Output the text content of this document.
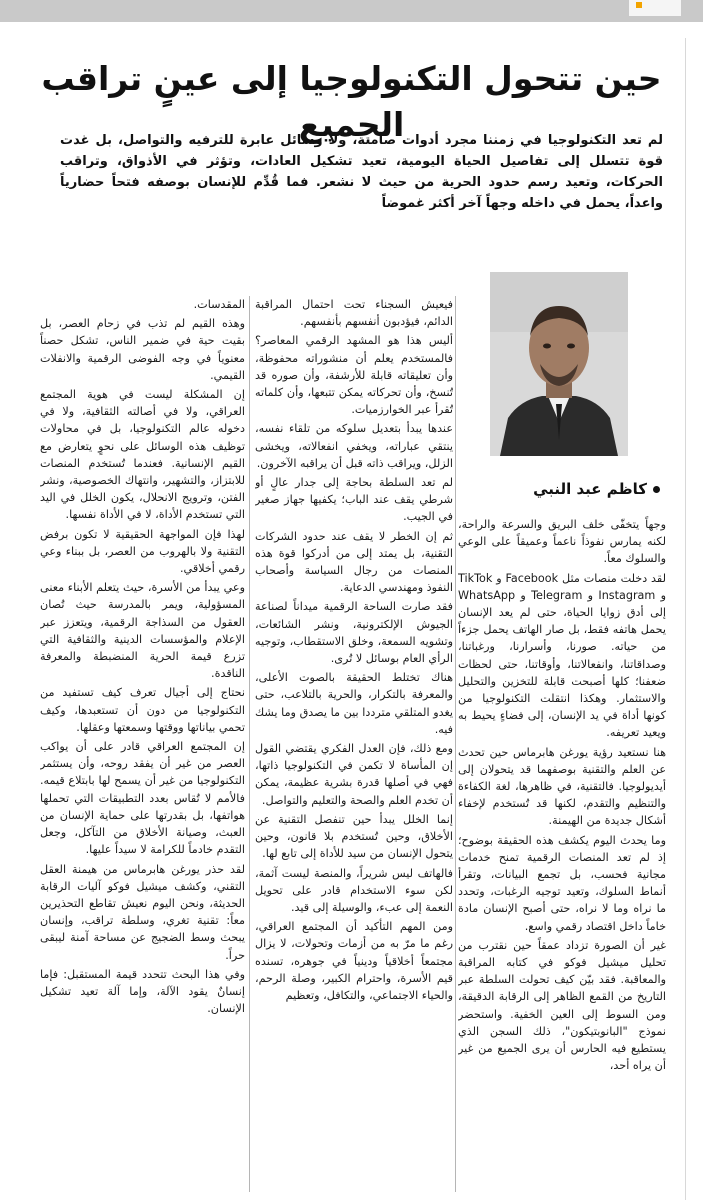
حين تتحول التكنولوجيا إلى عينٍ تراقب الجميع
لم تعد التكنولوجيا في زمننا مجرد أدوات صامتة، ولا وسائل عابرة للترفيه والتواصل، بل غدت قوة تتسلل إلى تفاصيل الحياة اليومية، تعيد تشكيل العادات، وتؤثر في الأذواق، وتراقب الحركات، وتعيد رسم حدود الحرية من حيث لا نشعر. فما قُدِّم للإنسان بوصفه فتحاً حضارياً واعداً، يحمل في داخله وجهاً آخر أكثر غموضاً
كاظم عبد النبي

وجهاً يتخفّى خلف البريق والسرعة والراحة، لكنه يمارس نفوذاً ناعماً وعميقاً على الوعي والسلوك معاً.

لقد دخلت منصات مثل Facebook و TikTok و Instagram و Telegram و WhatsApp إلى أدق زوايا الحياة، حتى لم يعد الإنسان يحمل هاتفه فقط، بل صار الهاتف يحمل جزءاً من حياته. صورنا، وأسرارنا، ورغباتنا، وصداقاتنا، وانفعالاتنا، وأوقاتنا، حتى لحظات ضعفنا؛ كلها أصبحت قابلة للتخزين والتحليل والاستثمار. وهكذا انتقلت التكنولوجيا من كونها أداة في يد الإنسان، إلى فضاءٍ يحيط به ويعيد تعريفه.

هنا نستعيد رؤية يورغن هابرماس حين تحدث عن العلم والتقنية بوصفهما قد يتحولان إلى أيديولوجيا. فالتقنية، في ظاهرها، لغة الكفاءة والتنظيم والتقدم، لكنها قد تُستخدم لإخفاء أشكال جديدة من الهيمنة.

وما يحدث اليوم يكشف هذه الحقيقة بوضوح؛ إذ لم تعد المنصات الرقمية تمنح خدمات مجانية فحسب، بل تجمع البيانات، وتقرأ أنماط السلوك، وتعيد توجيه الرغبات، وتحدد ما نراه وما لا نراه، حتى أصبح الإنسان مادة خاماً داخل اقتصاد رقمي واسع.

غير أن الصورة تزداد عمقاً حين نقترب من تحليل ميشيل فوكو في كتابه المراقبة والمعاقبة. فقد بيّن كيف تحولت السلطة عبر التاريخ من القمع الظاهر إلى الرقابة الدقيقة، ومن السوط إلى العين الخفية. واستحضر نموذج "البانوبتيكون"، ذلك السجن الذي يستطيع فيه الحارس أن يرى الجميع من غير أن يراه أحد،

فيعيش السجناء تحت احتمال المراقبة الدائم، فيؤدبون أنفسهم بأنفسهم.

أليس هذا هو المشهد الرقمي المعاصر؟ فالمستخدم يعلم أن منشوراته محفوظة، وأن تعليقاته قابلة للأرشفة، وأن صوره قد تُنسخ، وأن تحركاته يمكن تتبعها، وأن كلماته تُقرأ عبر الخوارزميات.

عندها يبدأ بتعديل سلوكه من تلقاء نفسه، ينتقي عباراته، ويخفي انفعالاته، ويخشى الزلل، ويراقب ذاته قبل أن يراقبه الآخرون.

لم تعد السلطة بحاجة إلى جدار عالٍ أو شرطي يقف عند الباب؛ يكفيها جهاز صغير في الجيب.

ثم إن الخطر لا يقف عند حدود الشركات التقنية، بل يمتد إلى من أدركوا قوة هذه المنصات من رجال السياسة وأصحاب النفوذ ومهندسي الدعاية.

فقد صارت الساحة الرقمية ميداناً لصناعة الجيوش الإلكترونية، ونشر الشائعات، وتشويه السمعة، وخلق الاستقطاب، وتوجيه الرأي العام بوسائل لا تُرى.

هناك تختلط الحقيقة بالصوت الأعلى، والمعرفة بالتكرار، والحرية بالتلاعب، حتى يغدو المتلقي مترددا بين ما يصدق وما يشك فيه.

ومع ذلك، فإن العدل الفكري يقتضي القول إن المأساة لا تكمن في التكنولوجيا ذاتها، فهي في أصلها قدرة بشرية عظيمة، يمكن أن تخدم العلم والصحة والتعليم والتواصل.

إنما الخلل يبدأ حين تنفصل التقنية عن الأخلاق، وحين تُستخدم بلا قانون، وحين يتحول الإنسان من سيد للأداة إلى تابع لها.

فالهاتف ليس شريراً، والمنصة ليست آثمة، لكن سوء الاستخدام قادر على تحويل النعمة إلى عبء، والوسيلة إلى قيد.

ومن المهم التأكيد أن المجتمع العراقي، رغم ما مرّ به من أزمات وتحولات، لا يزال مجتمعاً أخلاقياً ودينياً في جوهره، تسنده قيم الأسرة، واحترام الكبير، وصلة الرحم، والحياء الاجتماعي، والتكافل، وتعظيم

المقدسات.

وهذه القيم لم تذب في زحام العصر، بل بقيت حية في ضمير الناس، تشكل حصناً معنوياً في وجه الفوضى الرقمية والانفلات القيمي.

إن المشكلة ليست في هوية المجتمع العراقي، ولا في أصالته الثقافية، ولا في دخوله عالم التكنولوجيا، بل في محاولات توظيف هذه الوسائل على نحوٍ يتعارض مع القيم الإنسانية. فعندما تُستخدم المنصات للابتزاز، والتشهير، وانتهاك الخصوصية، ونشر الفتن، وترويج الانحلال، يكون الخلل في اليد التي تستخدم الأداة، لا في الأداة نفسها.

لهذا فإن المواجهة الحقيقية لا تكون برفض التقنية ولا بالهروب من العصر، بل ببناء وعي رقمي أخلاقي.

وعي يبدأ من الأسرة، حيث يتعلم الأبناء معنى المسؤولية، ويمر بالمدرسة حيث تُصان العقول من السذاجة الرقمية، ويتعزز عبر الإعلام والمؤسسات الدينية والثقافية التي تزرع قيمة الحرية المنضبطة والمعرفة الناقدة.

نحتاج إلى أجيال تعرف كيف تستفيد من التكنولوجيا من دون أن تستعبدها، وكيف تحمي بياناتها ووقتها وسمعتها وعقلها.

إن المجتمع العراقي قادر على أن يواكب العصر من غير أن يفقد روحه، وأن يستثمر التكنولوجيا من غير أن يسمح لها بابتلاع قيمه. فالأمم لا تُقاس بعدد التطبيقات التي تحملها هواتفها، بل بقدرتها على حماية الإنسان من العبث، وصيانة الأخلاق من التآكل، وجعل التقدم خادماً للكرامة لا سيداً عليها.

لقد حذر يورغن هابرماس من هيمنة العقل التقني، وكشف ميشيل فوكو آليات الرقابة الحديثة، ونحن اليوم نعيش تقاطع التحذيرين معاً: تقنية تغري، وسلطة تراقب، وإنسان يبحث وسط الضجيج عن مساحة آمنة ليبقى حراً.

وفي هذا البحث تتحدد قيمة المستقبل: فإما إنسانٌ يقود الآلة، وإما آلة تعيد تشكيل الإنسان.
